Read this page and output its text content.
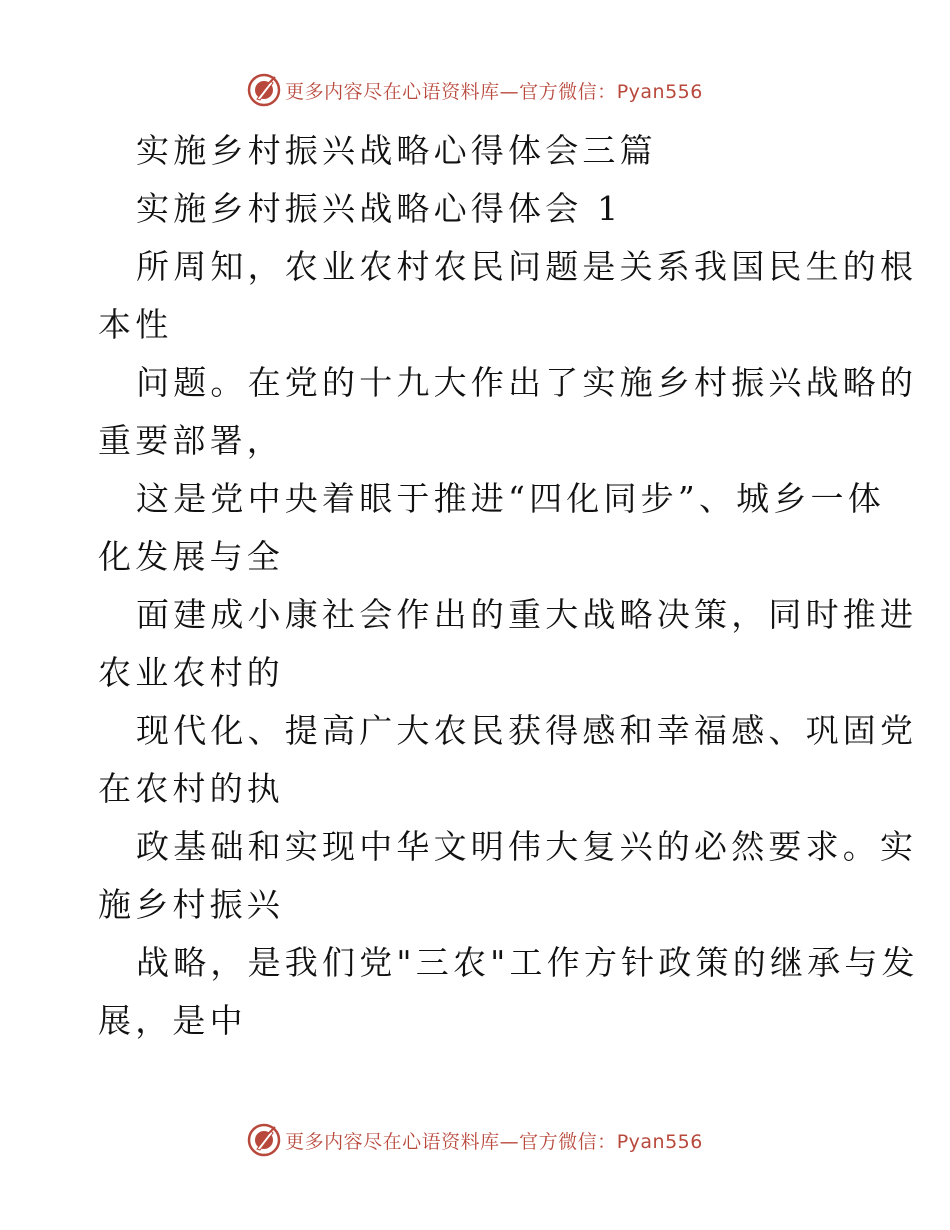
更多内容尽在心语资料库—官方微信：Pyan556
实施乡村振兴战略心得体会三篇
实施乡村振兴战略心得体会 1
所周知，农业农村农民问题是关系我国民生的根
本性
问题。在党的十九大作出了实施乡村振兴战略的
重要部署，
这是党中央着眼于推进“四化同步”、城乡一体
化发展与全
面建成小康社会作出的重大战略决策，同时推进
农业农村的
现代化、提高广大农民获得感和幸福感、巩固党
在农村的执
政基础和实现中华文明伟大复兴的必然要求。实
施乡村振兴
战略，是我们党"三农"工作方针政策的继承与发
展，是中
更多内容尽在心语资料库—官方微信：Pyan556
